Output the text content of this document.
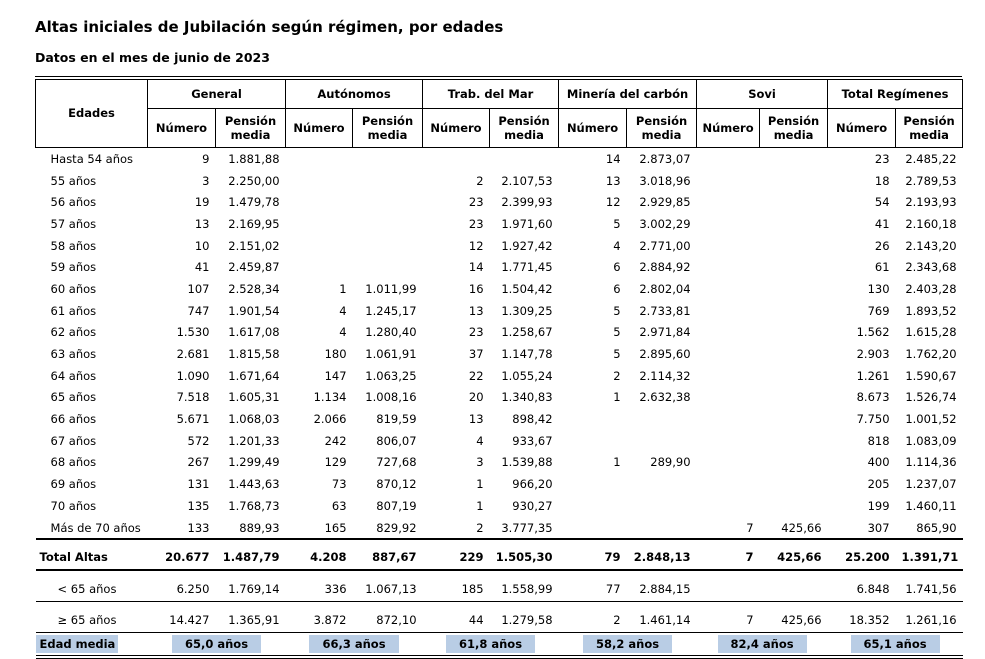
Altas iniciales de Jubilación según régimen, por edades
Datos en el mes de junio de 2023
Edades	General		Autónomos		Trab. del Mar		Minería del carbón		Sovi		Total Regímenes	
	Número	Pensión media	Número	Pensión media	Número	Pensión media	Número	Pensión media	Número	Pensión media	Número	Pensión media
Hasta 54 años	9	1.881,88					14	2.873,07			23	2.485,22
55 años	3	2.250,00			2	2.107,53	13	3.018,96			18	2.789,53
56 años	19	1.479,78			23	2.399,93	12	2.929,85			54	2.193,93
57 años	13	2.169,95			23	1.971,60	5	3.002,29			41	2.160,18
58 años	10	2.151,02			12	1.927,42	4	2.771,00			26	2.143,20
59 años	41	2.459,87			14	1.771,45	6	2.884,92			61	2.343,68
60 años	107	2.528,34	1	1.011,99	16	1.504,42	6	2.802,04			130	2.403,28
61 años	747	1.901,54	4	1.245,17	13	1.309,25	5	2.733,81			769	1.893,52
62 años	1.530	1.617,08	4	1.280,40	23	1.258,67	5	2.971,84			1.562	1.615,28
63 años	2.681	1.815,58	180	1.061,91	37	1.147,78	5	2.895,60			2.903	1.762,20
64 años	1.090	1.671,64	147	1.063,25	22	1.055,24	2	2.114,32			1.261	1.590,67
65 años	7.518	1.605,31	1.134	1.008,16	20	1.340,83	1	2.632,38			8.673	1.526,74
66 años	5.671	1.068,03	2.066	819,59	13	898,42					7.750	1.001,52
67 años	572	1.201,33	242	806,07	4	933,67					818	1.083,09
68 años	267	1.299,49	129	727,68	3	1.539,88	1	289,90			400	1.114,36
69 años	131	1.443,63	73	870,12	1	966,20					205	1.237,07
70 años	135	1.768,73	63	807,19	1	930,27					199	1.460,11
Más de 70 años	133	889,93	165	829,92	2	3.777,35			7	425,66	307	865,90
Total Altas	20.677	1.487,79	4.208	887,67	229	1.505,30	79	2.848,13	7	425,66	25.200	1.391,71
< 65 años	6.250	1.769,14	336	1.067,13	185	1.558,99	77	2.884,15			6.848	1.741,56
≥ 65 años	14.427	1.365,91	3.872	872,10	44	1.279,58	2	1.461,14	7	425,66	18.352	1.261,16
Edad media	65,0 años		66,3 años		61,8 años		58,2 años		82,4 años		65,1 años	
